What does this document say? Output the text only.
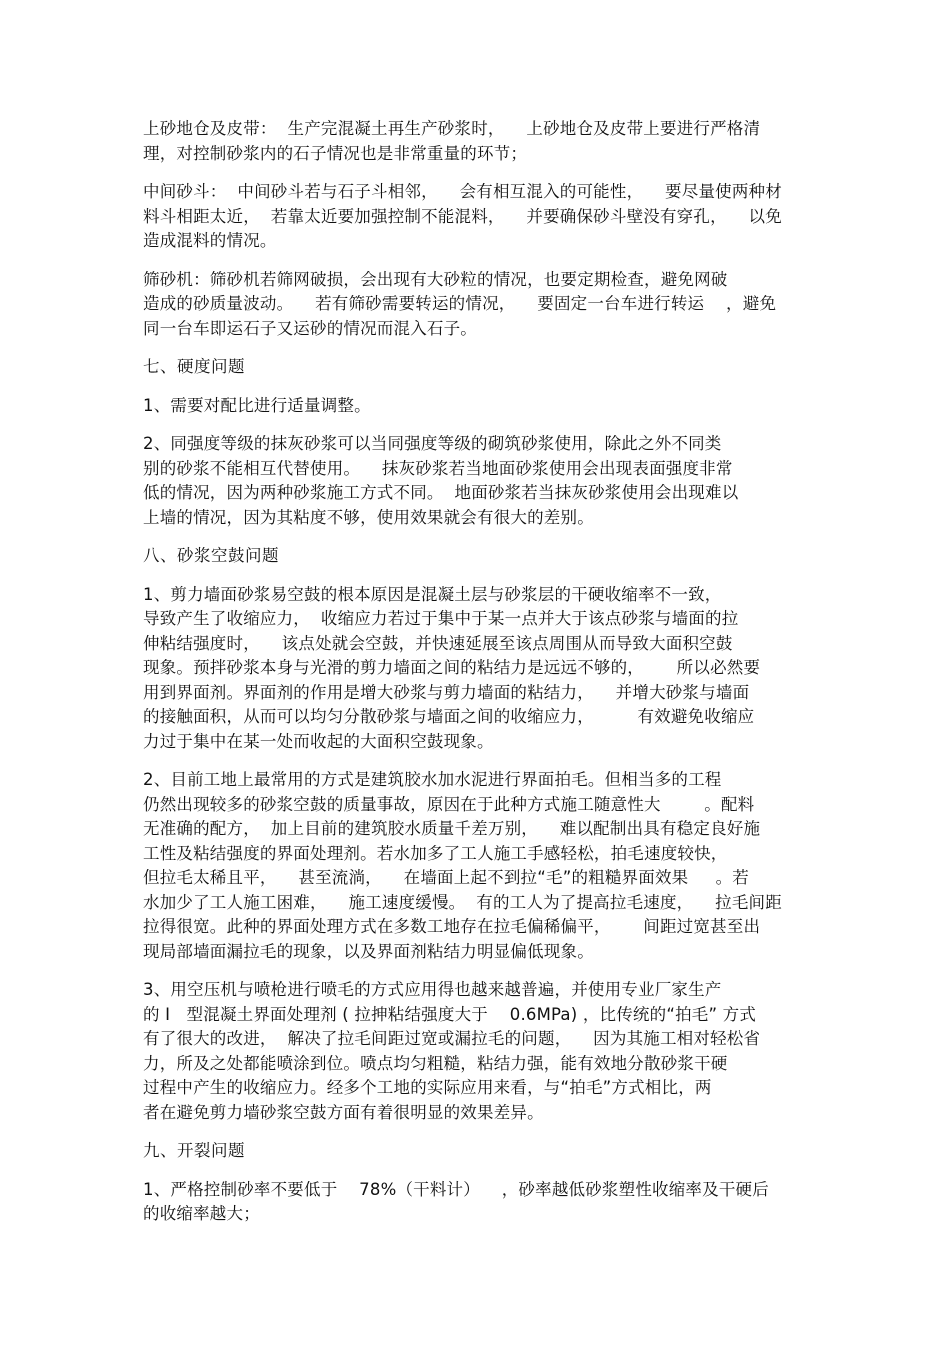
上砂地仓及皮带：  生产完混凝土再生产砂浆时，    上砂地仓及皮带上要进行严格清
理，对控制砂浆内的石子情况也是非常重量的环节；
中间砂斗：  中间砂斗若与石子斗相邻，    会有相互混入的可能性，    要尽量使两种材
料斗相距太近，  若靠太近要加强控制不能混料，    并要确保砂斗壁没有穿孔，    以免
造成混料的情况。
筛砂机：筛砂机若筛网破损，会出现有大砂粒的情况，也要定期检查，避免网破
造成的砂质量波动。    若有筛砂需要转运的情况，    要固定一台车进行转运    ，避免
同一台车即运石子又运砂的情况而混入石子。
七、硬度问题
1、需要对配比进行适量调整。
2、同强度等级的抹灰砂浆可以当同强度等级的砌筑砂浆使用，除此之外不同类
别的砂浆不能相互代替使用。    抹灰砂浆若当地面砂浆使用会出现表面强度非常
低的情况，因为两种砂浆施工方式不同。  地面砂浆若当抹灰砂浆使用会出现难以
上墙的情况，因为其粘度不够，使用效果就会有很大的差别。
八、砂浆空鼓问题
1、剪力墙面砂浆易空鼓的根本原因是混凝土层与砂浆层的干硬收缩率不一致，
导致产生了收缩应力，  收缩应力若过于集中于某一点并大于该点砂浆与墙面的拉
伸粘结强度时，    该点处就会空鼓，并快速延展至该点周围从而导致大面积空鼓
现象。预拌砂浆本身与光滑的剪力墙面之间的粘结力是远远不够的，      所以必然要
用到界面剂。界面剂的作用是增大砂浆与剪力墙面的粘结力，    并增大砂浆与墙面
的接触面积，从而可以均匀分散砂浆与墙面之间的收缩应力，        有效避免收缩应
力过于集中在某一处而收起的大面积空鼓现象。
2、目前工地上最常用的方式是建筑胶水加水泥进行界面拍毛。但相当多的工程
仍然出现较多的砂浆空鼓的质量事故，原因在于此种方式施工随意性大        。配料
无准确的配方，  加上目前的建筑胶水质量千差万别，    难以配制出具有稳定良好施
工性及粘结强度的界面处理剂。若水加多了工人施工手感轻松，拍毛速度较快，
但拉毛太稀且平，    甚至流淌，    在墙面上起不到拉“毛”的粗糙界面效果     。若
水加少了工人施工困难，    施工速度缓慢。  有的工人为了提高拉毛速度，    拉毛间距
拉得很宽。此种的界面处理方式在多数工地存在拉毛偏稀偏平，      间距过宽甚至出
现局部墙面漏拉毛的现象，以及界面剂粘结力明显偏低现象。
3、用空压机与喷枪进行喷毛的方式应用得也越来越普遍，并使用专业厂家生产
的 I   型混凝土界面处理剂 ( 拉抻粘结强度大于    0.6MPa) ，比传统的“拍毛” 方式
有了很大的改进，  解决了拉毛间距过宽或漏拉毛的问题，    因为其施工相对轻松省
力，所及之处都能喷涂到位。喷点均匀粗糙，粘结力强，能有效地分散砂浆干硬
过程中产生的收缩应力。经多个工地的实际应用来看，与“拍毛”方式相比，两
者在避免剪力墙砂浆空鼓方面有着很明显的效果差异。
九、开裂问题
1、严格控制砂率不要低于    78%（干料计）    ，砂率越低砂浆塑性收缩率及干硬后
的收缩率越大；
